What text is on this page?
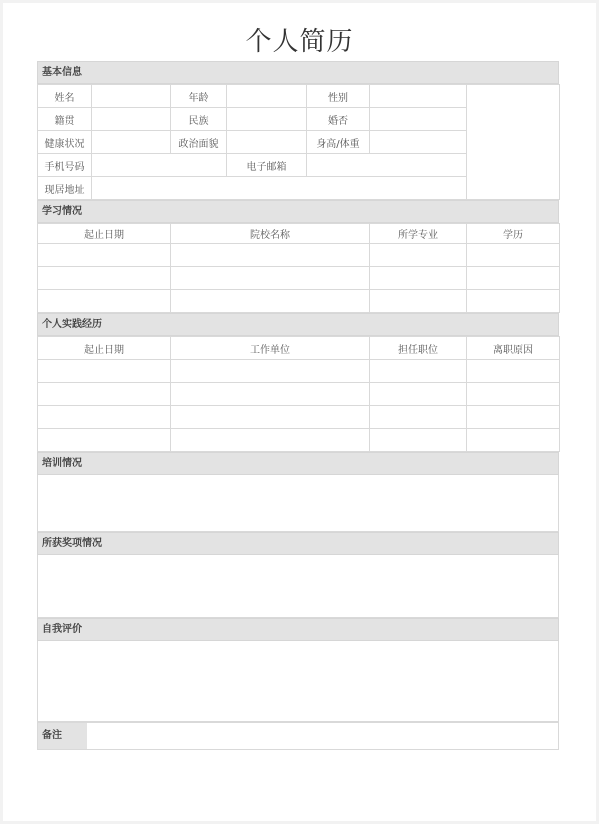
个人简历
基本信息
姓名		年龄		性别		
籍贯		民族		婚否		
健康状况		政治面貌		身高/体重		
手机号码			电子邮箱			
现居地址						
学习情况
起止日期	院校名称	所学专业	学历

个人实践经历
起止日期	工作单位	担任职位	离职原因

培训情况
所获奖项情况
自我评价
备注
